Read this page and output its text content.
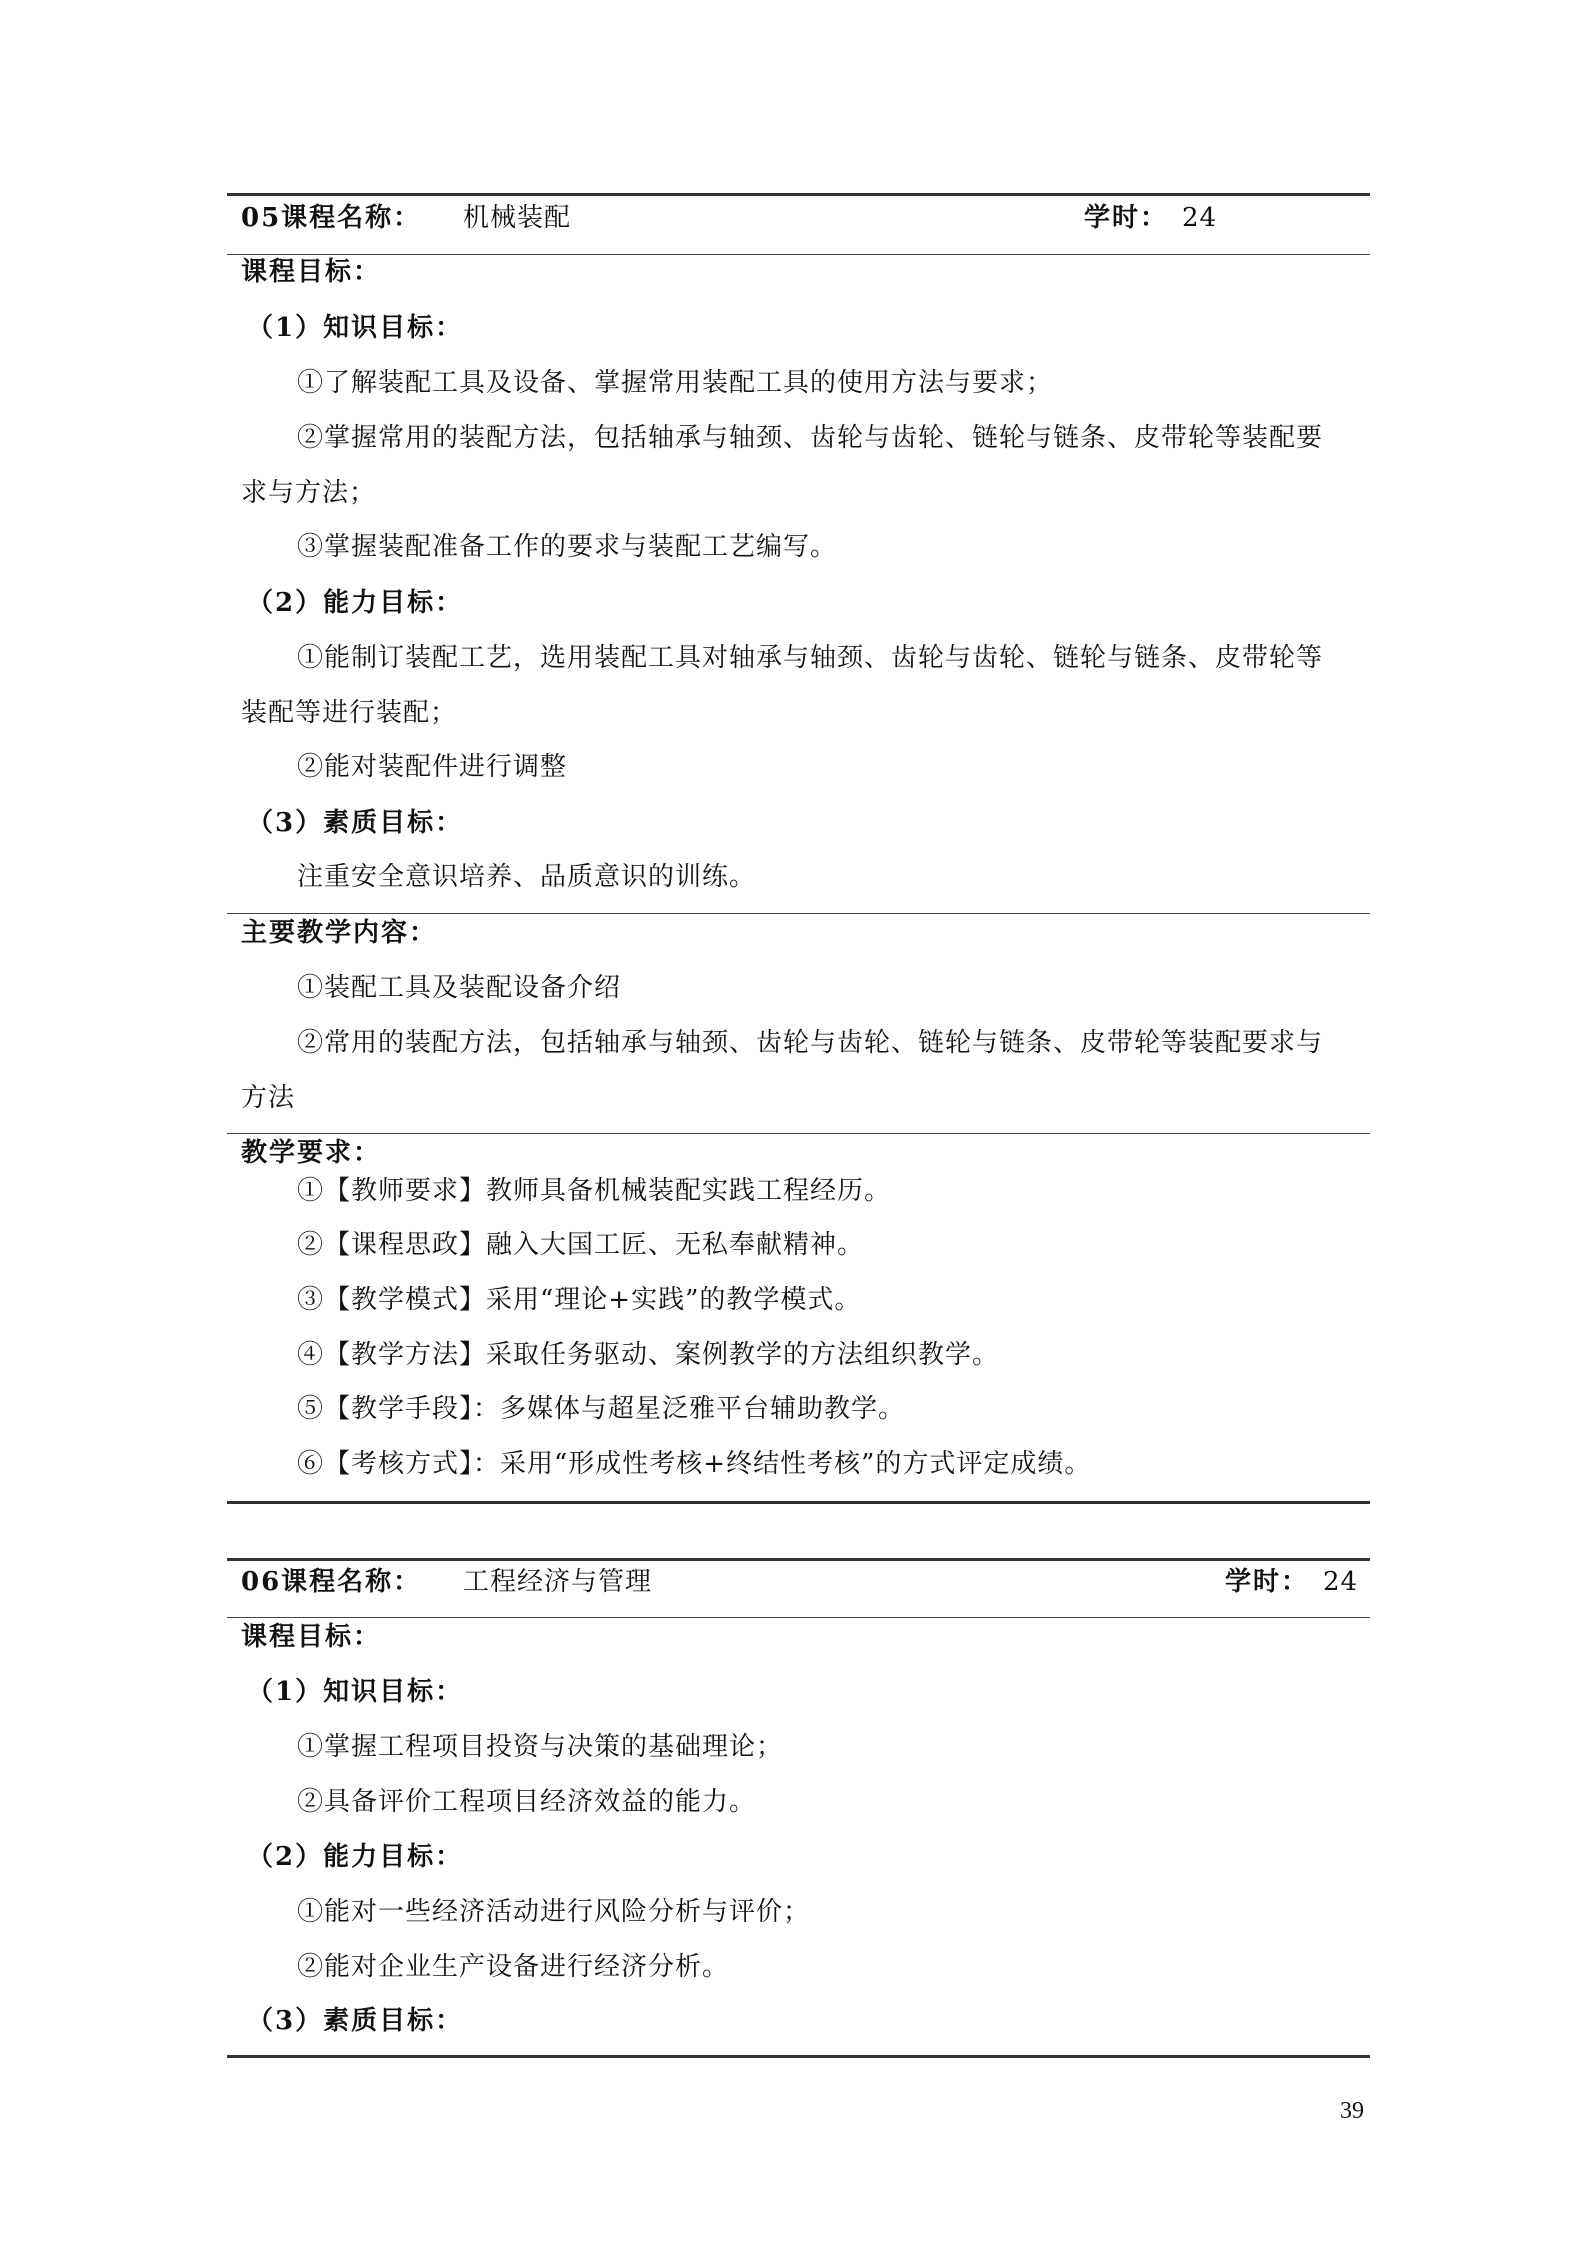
05课程名称： 机械装配	学时： 24
课程目标：
（1）知识目标：
①了解装配工具及设备、掌握常用装配工具的使用方法与要求；
②掌握常用的装配方法，包括轴承与轴颈、齿轮与齿轮、链轮与链条、皮带轮等装配要
求与方法；
③掌握装配准备工作的要求与装配工艺编写。
（2）能力目标：
①能制订装配工艺，选用装配工具对轴承与轴颈、齿轮与齿轮、链轮与链条、皮带轮等
装配等进行装配；
②能对装配件进行调整
（3）素质目标：
注重安全意识培养、品质意识的训练。
主要教学内容：
①装配工具及装配设备介绍
②常用的装配方法，包括轴承与轴颈、齿轮与齿轮、链轮与链条、皮带轮等装配要求与
方法
教学要求：
①【教师要求】教师具备机械装配实践工程经历。
②【课程思政】融入大国工匠、无私奉献精神。
③【教学模式】采用“理论+实践”的教学模式。
④【教学方法】采取任务驱动、案例教学的方法组织教学。
⑤【教学手段】：多媒体与超星泛雅平台辅助教学。
⑥【考核方式】：采用“形成性考核+终结性考核”的方式评定成绩。
06课程名称： 工程经济与管理	学时： 24
课程目标：
（1）知识目标：
①掌握工程项目投资与决策的基础理论；
②具备评价工程项目经济效益的能力。
（2）能力目标：
①能对一些经济活动进行风险分析与评价；
②能对企业生产设备进行经济分析。
（3）素质目标：
39
